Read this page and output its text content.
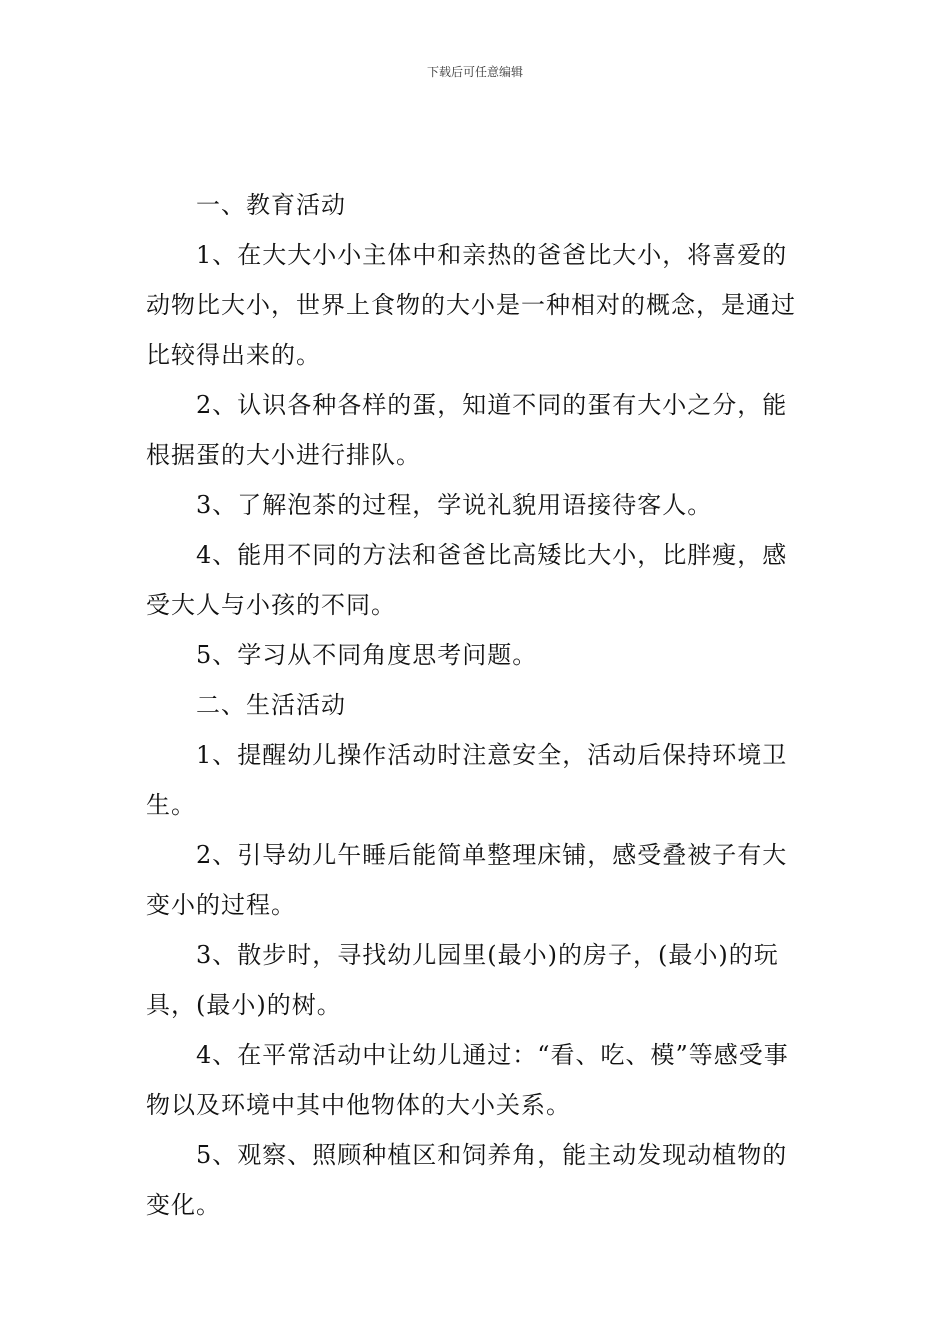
下载后可任意编辑

一、教育活动

1、在大大小小主体中和亲热的爸爸比大小，将喜爱的动物比大小，世界上食物的大小是一种相对的概念，是通过比较得出来的。

2、认识各种各样的蛋，知道不同的蛋有大小之分，能根据蛋的大小进行排队。

3、了解泡茶的过程，学说礼貌用语接待客人。

4、能用不同的方法和爸爸比高矮比大小，比胖瘦，感受大人与小孩的不同。

5、学习从不同角度思考问题。

二、生活活动

1、提醒幼儿操作活动时注意安全，活动后保持环境卫生。

2、引导幼儿午睡后能简单整理床铺，感受叠被子有大变小的过程。

3、散步时，寻找幼儿园里(最小)的房子，(最小)的玩具，(最小)的树。

4、在平常活动中让幼儿通过：“看、吃、模”等感受事物以及环境中其中他物体的大小关系。

5、观察、照顾种植区和饲养角，能主动发现动植物的变化。
